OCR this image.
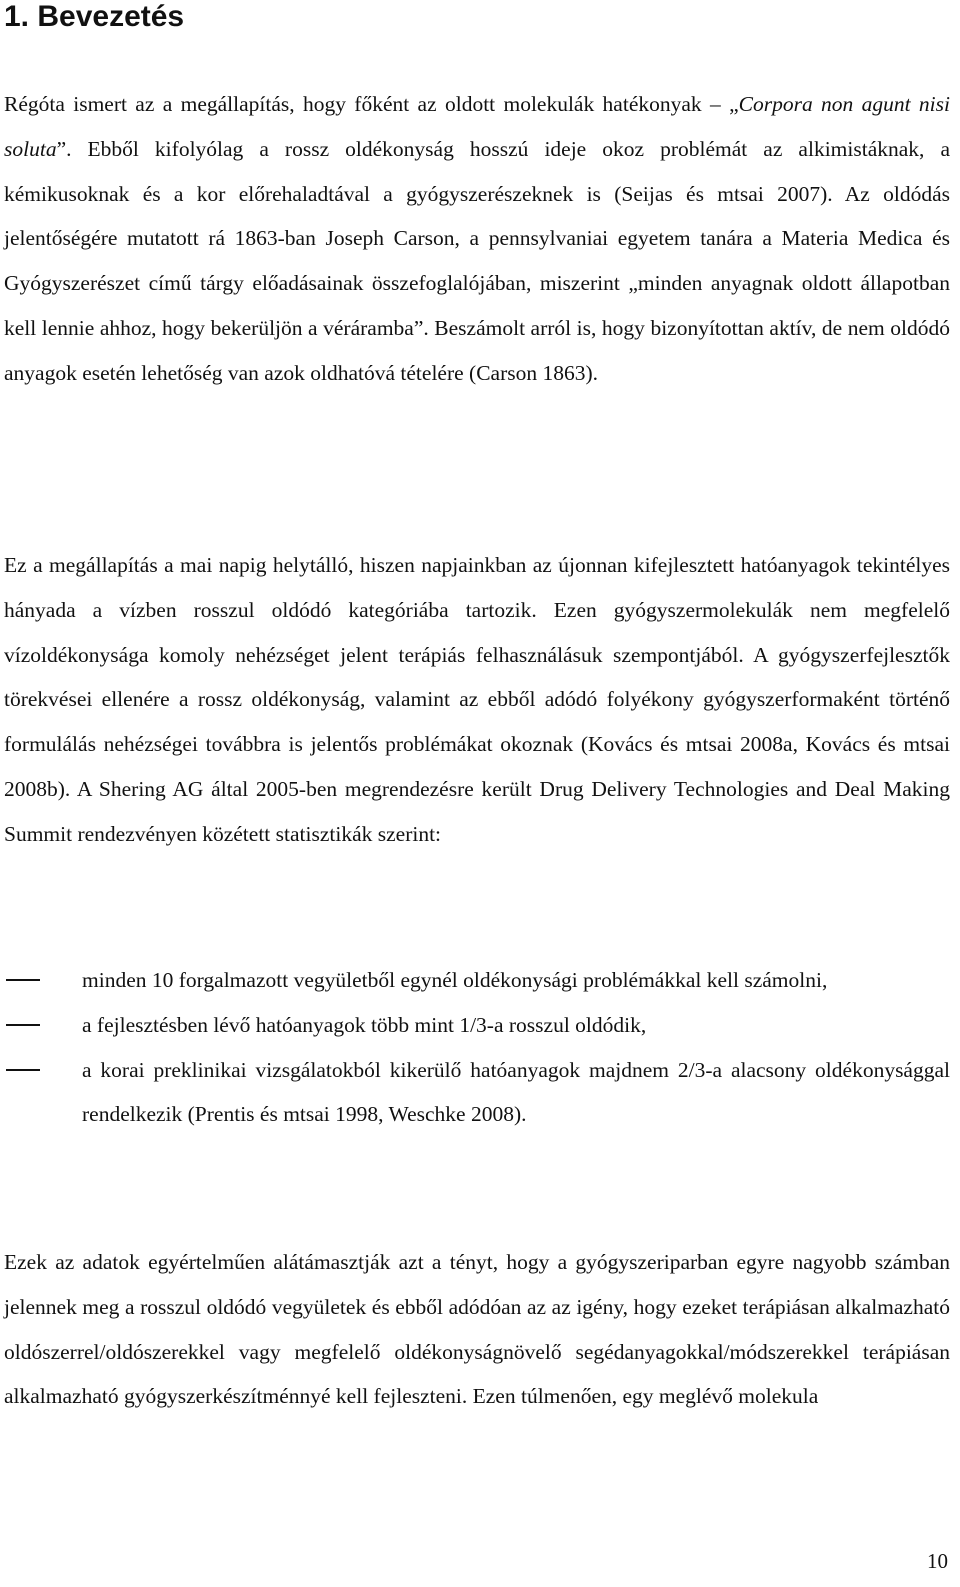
1. Bevezetés

Régóta ismert az a megállapítás, hogy főként az oldott molekulák hatékonyak – „Corpora non agunt nisi soluta”. Ebből kifolyólag a rossz oldékonyság hosszú ideje okoz problémát az alkimistáknak, a kémikusoknak és a kor előrehaladtával a gyógyszerészeknek is (Seijas és mtsai 2007). Az oldódás jelentőségére mutatott rá 1863-ban Joseph Carson, a pennsylvaniai egyetem tanára a Materia Medica és Gyógyszerészet című tárgy előadásainak összefoglalójában, miszerint „minden anyagnak oldott állapotban kell lennie ahhoz, hogy bekerüljön a véráramba”. Beszámolt arról is, hogy bizonyítottan aktív, de nem oldódó anyagok esetén lehetőség van azok oldhatóvá tételére (Carson 1863).

Ez a megállapítás a mai napig helytálló, hiszen napjainkban az újonnan kifejlesztett hatóanyagok tekintélyes hányada a vízben rosszul oldódó kategóriába tartozik. Ezen gyógyszermolekulák nem megfelelő vízoldékonysága komoly nehézséget jelent terápiás felhasználásuk szempontjából. A gyógyszerfejlesztők törekvései ellenére a rossz oldékonyság, valamint az ebből adódó folyékony gyógyszerformaként történő formulálás nehézségei továbbra is jelentős problémákat okoznak (Kovács és mtsai 2008a, Kovács és mtsai 2008b). A Shering AG által 2005-ben megrendezésre került Drug Delivery Technologies and Deal Making Summit rendezvényen közétett statisztikák szerint:

minden 10 forgalmazott vegyületből egynél oldékonysági problémákkal kell számolni,
a fejlesztésben lévő hatóanyagok több mint 1/3-a rosszul oldódik,
a korai preklinikai vizsgálatokból kikerülő hatóanyagok majdnem 2/3-a alacsony oldékonysággal rendelkezik (Prentis és mtsai 1998, Weschke 2008).

Ezek az adatok egyértelműen alátámasztják azt a tényt, hogy a gyógyszeriparban egyre nagyobb számban jelennek meg a rosszul oldódó vegyületek és ebből adódóan az az igény, hogy ezeket terápiásan alkalmazható oldószerrel/oldószerekkel vagy megfelelő oldékonyságnövelő segédanyagokkal/módszerekkel terápiásan alkalmazható gyógyszerkészítménnyé kell fejleszteni. Ezen túlmenően, egy meglévő molekula

10
